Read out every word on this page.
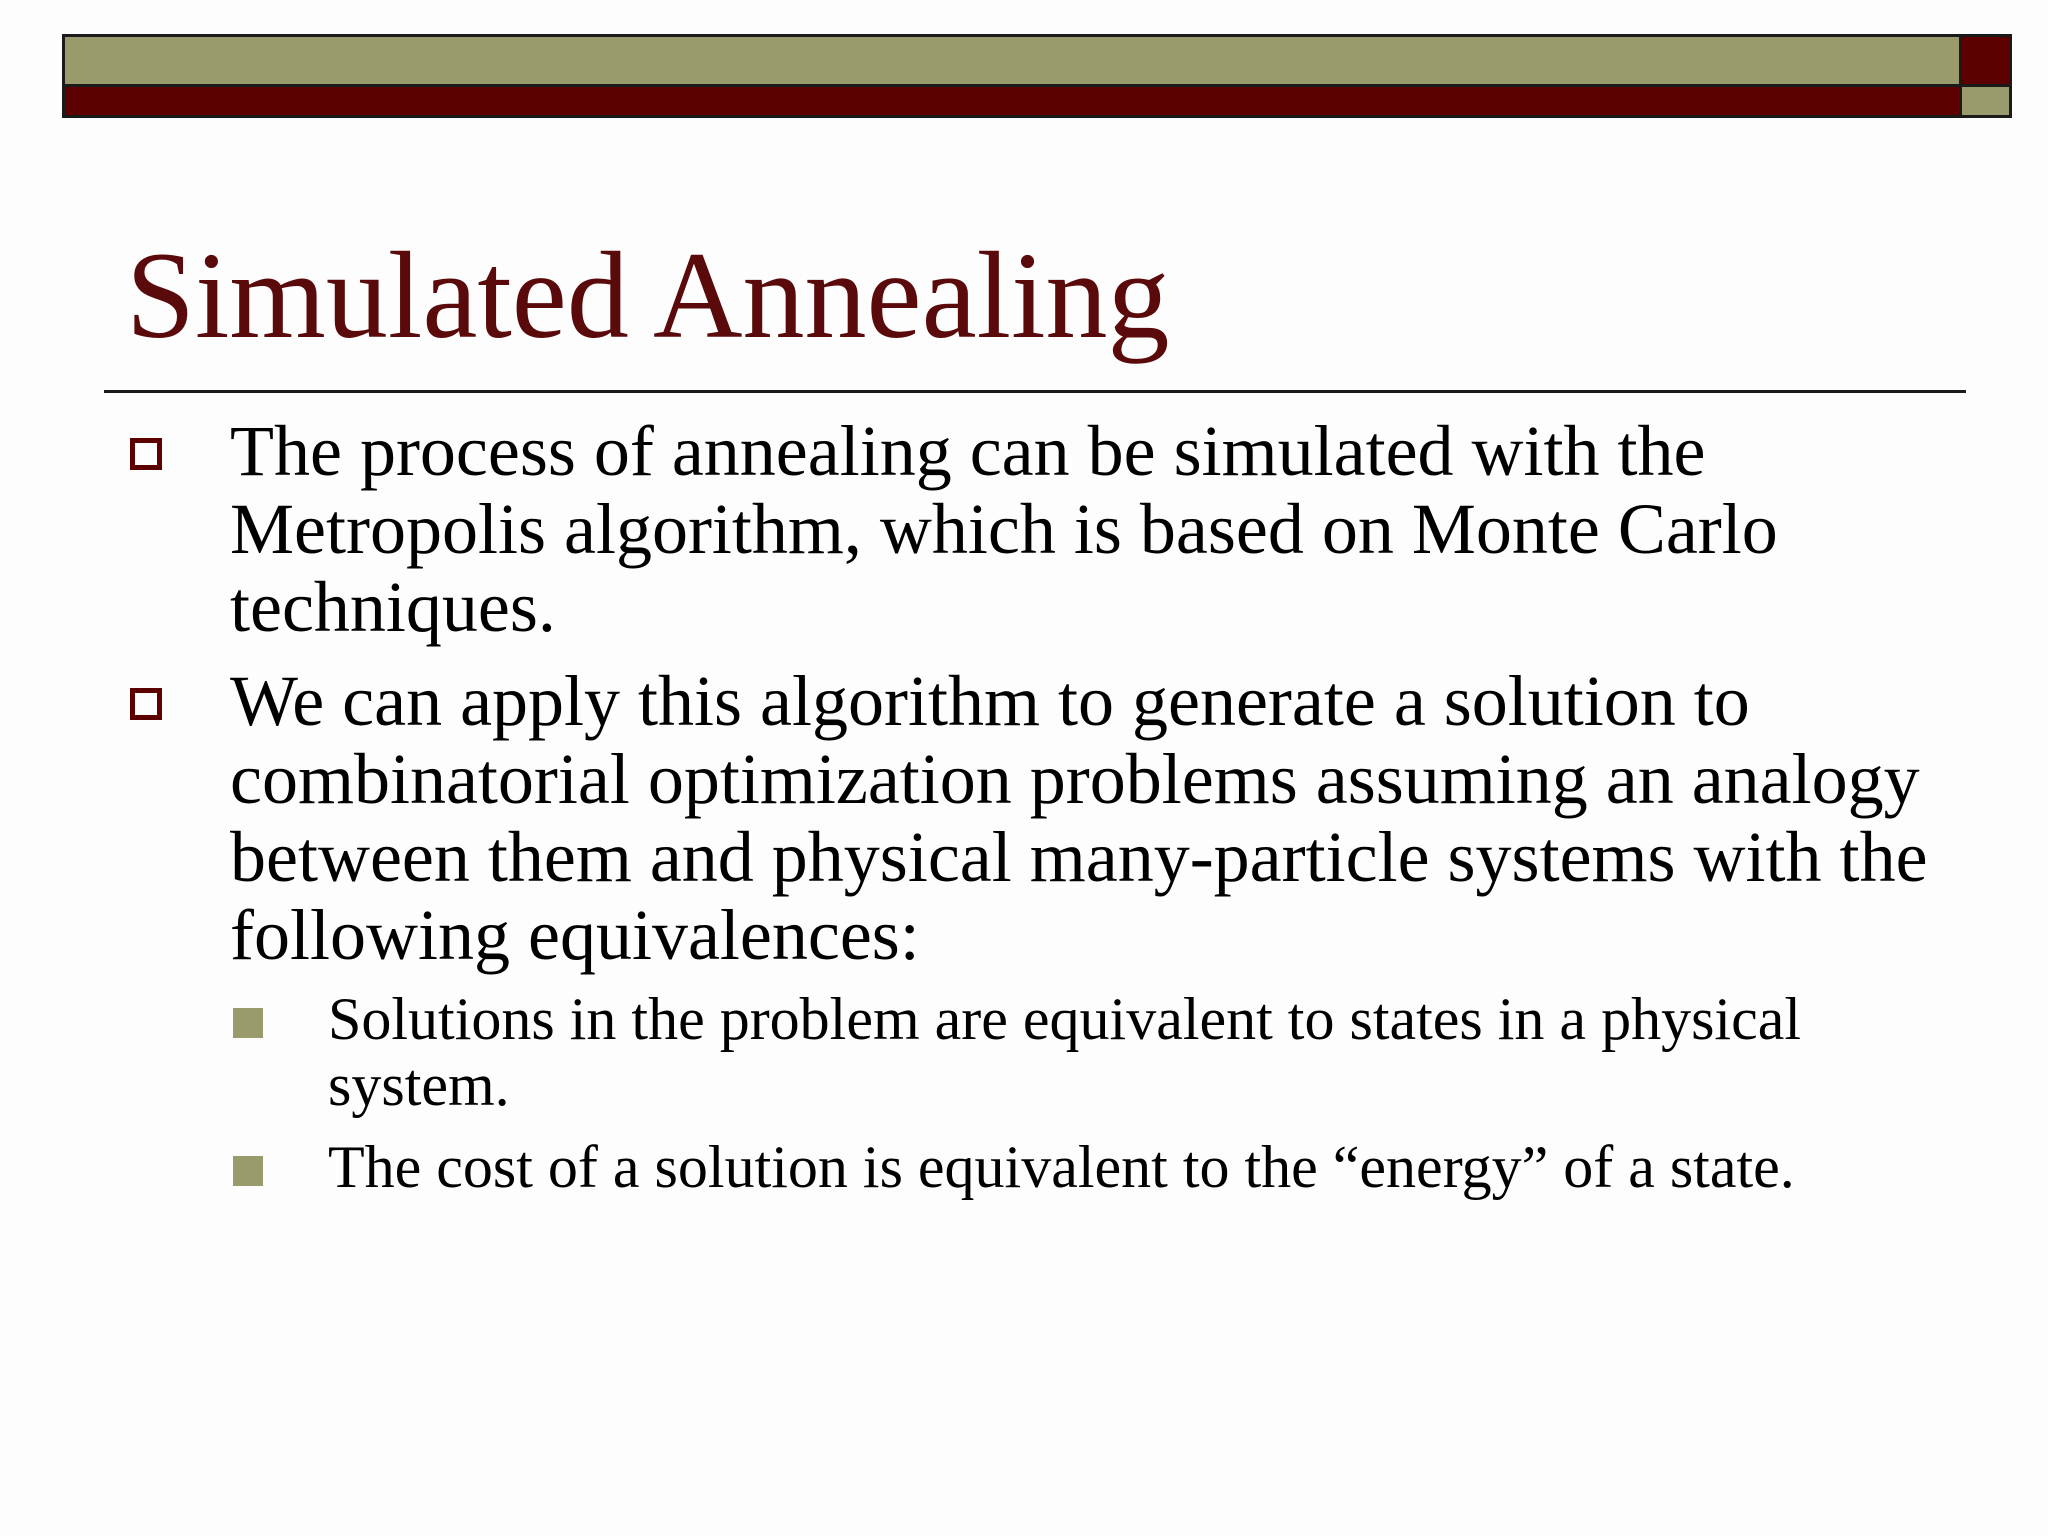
Simulated Annealing
The process of annealing can be simulated with the Metropolis algorithm, which is based on Monte Carlo techniques.
We can apply this algorithm to generate a solution to combinatorial optimization problems assuming an analogy between them and physical many-particle systems with the following equivalences:
Solutions in the problem are equivalent to states in a physical system.
The cost of a solution is equivalent to the “energy” of a state.
